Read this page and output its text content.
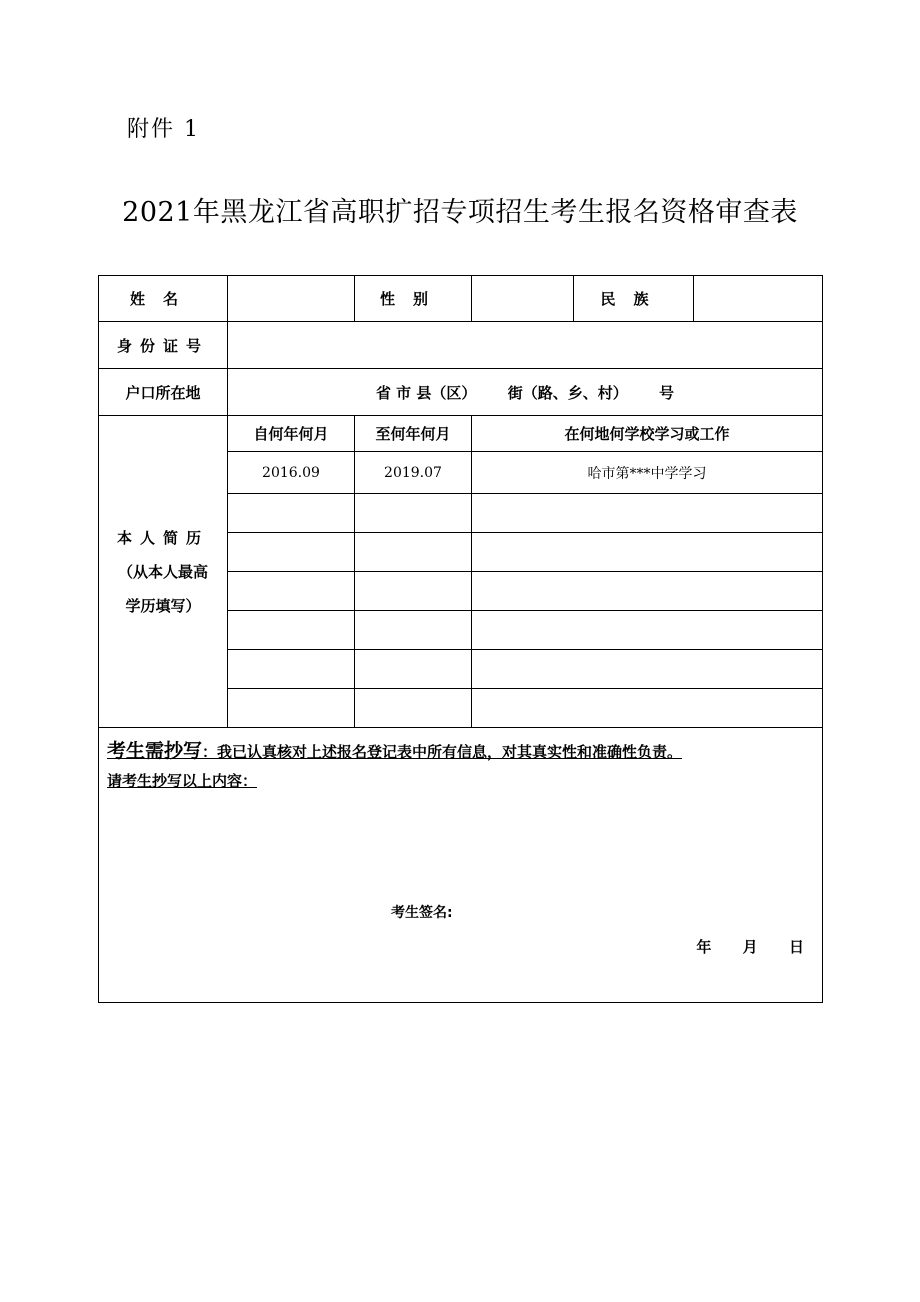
附件 1
2021年黑龙江省高职扩招专项招生考生报名资格审查表
姓名		性别		民族	
身份证号					
户口所在地	省 市 县（区）      街（路、乡、村）      号				

本人简历
（从本人最高
学历填写）	自何年何月	至何年何月	在何地何学校学习或工作		
	2016.09	2019.07	哈市第***中学学习		

考生需抄写：我已认真核对上述报名登记表中所有信息，对其真实性和准确性负责。
请考生抄写以上内容：
考生签名:
年      月      日					
